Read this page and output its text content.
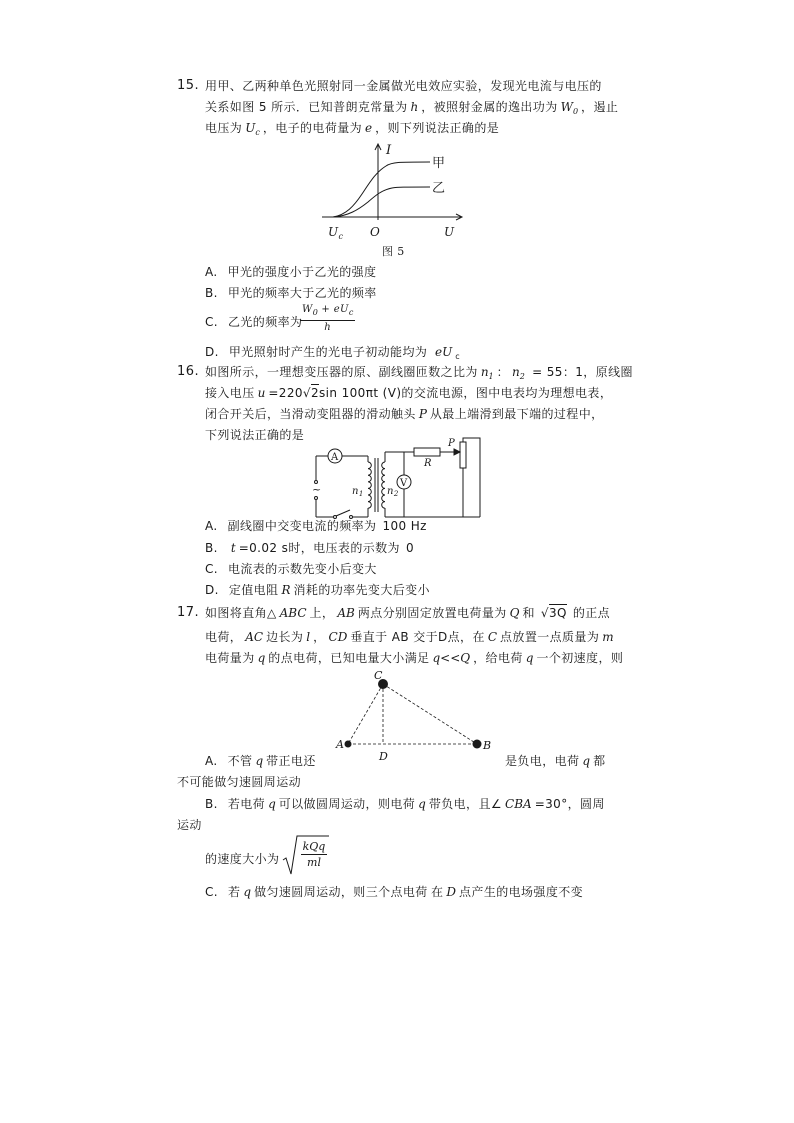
15. 用甲、乙两种单色光照射同一金属做光电效应实验，发现光电流与电压的
关系如图 5 所示．已知普朗克常量为 h ，被照射金属的逸出功为 $W_0$ ，遏止
电压为 $U_c$ ，电子的电荷量为 e ，则下列说法正确的是
I
甲
乙
$U_c$ O	U
图 5
A. 甲光的强度小于乙光的强度
B. 甲光的频率大于乙光的频率
C. 乙光的频率为
$W_0 + eU_c$
h
D. 甲光照射时产生的光电子初动能均为 eU $_c$
16. 如图所示，一理想变压器的原、副线圈匝数之比为 $n_1$ ： $n_2 = 55$：1，原线圈
接入电压 u =220√2sin 100πt (V)的交流电源，图中电表均为理想电表，
闭合开关后，当滑动变阻器的滑动触头 P 从最上端滑到最下端的过程中，
下列说法正确的是
A
V
~
R
P
$n_1$ $n_2$
A. 副线圈中交变电流的频率为 100 Hz
B. t =0.02 s时，电压表的示数为 0
C. 电流表的示数先变小后变大
D. 定值电阻 R 消耗的功率先变大后变小
17. 如图将直角△ ABC 上， AB 两点分别固定放置电荷量为 Q 和 √3Q 的正点
电荷， AC 边长为 l ， CD 垂直于 AB 交于D点，在 C 点放置一点质量为 m
电荷量为 q 的点电荷，已知电量大小满足 q<<Q ，给电荷 q 一个初速度，则
C
A
D
B
A. 不管 q 带正电还	是负电，电荷 q 都
不可能做匀速圆周运动
B. 若电荷 q 可以做圆周运动，则电荷 q 带负电，且∠ CBA =30°，圆周
运动
的速度大小为
kQq
ml
C. 若 q 做匀速圆周运动，则三个点电荷 在 D 点产生的电场强度不变
